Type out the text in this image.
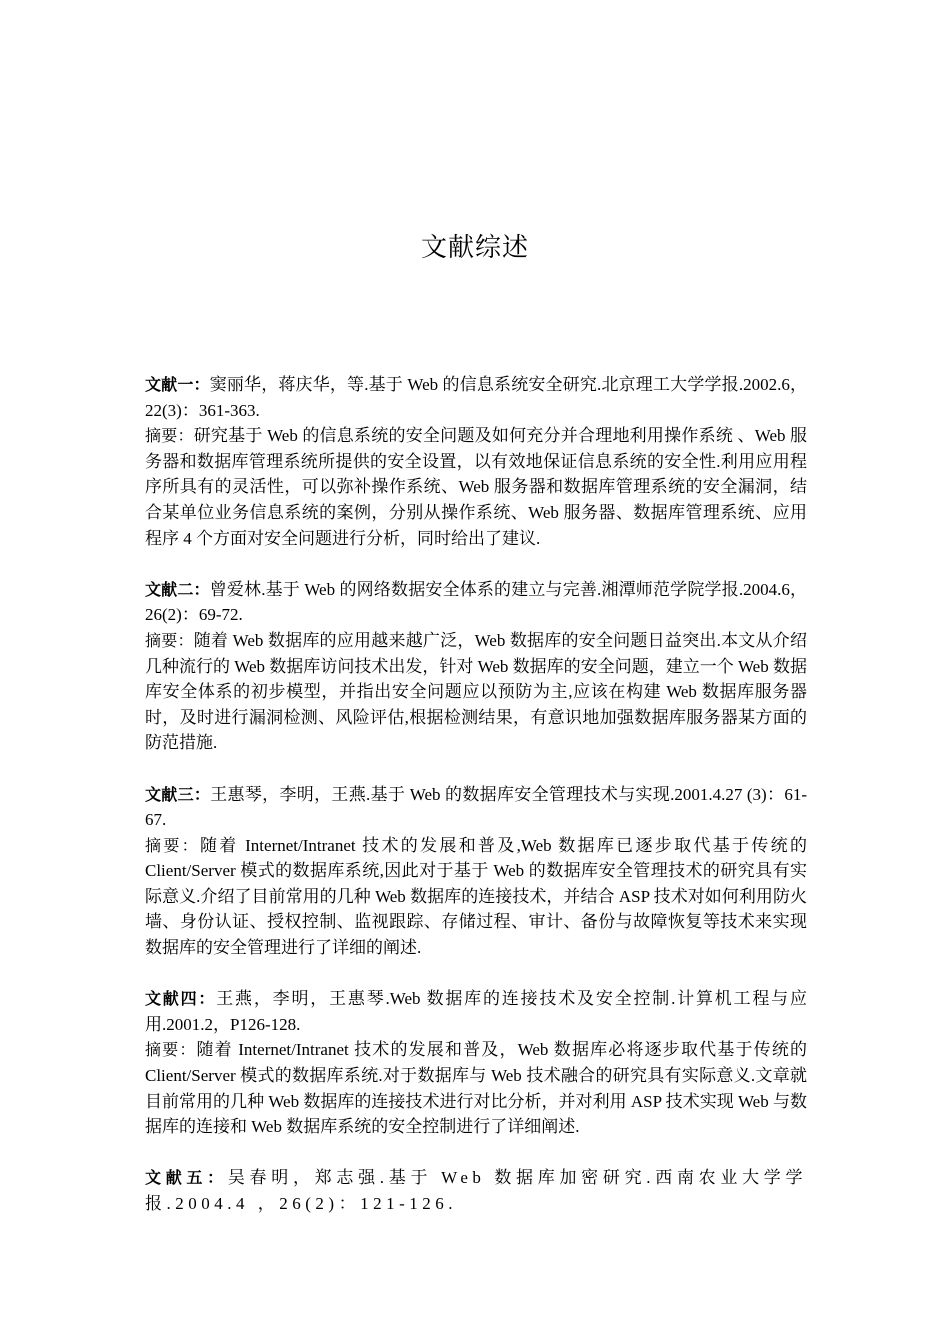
文献综述

文献一：窦丽华，蒋庆华，等.基于 Web 的信息系统安全研究.北京理工大学学报.2002.6，22(3)：361-363.

摘要：研究基于 Web 的信息系统的安全问题及如何充分并合理地利用操作系统 、Web 服务器和数据库管理系统所提供的安全设置，以有效地保证信息系统的安全性.利用应用程序所具有的灵活性，可以弥补操作系统、Web 服务器和数据库管理系统的安全漏洞，结合某单位业务信息系统的案例，分别从操作系统、Web 服务器、数据库管理系统、应用程序 4 个方面对安全问题进行分析，同时给出了建议.

文献二：曾爱林.基于 Web 的网络数据安全体系的建立与完善.湘潭师范学院学报.2004.6，26(2)：69-72.

摘要：随着 Web 数据库的应用越来越广泛，Web 数据库的安全问题日益突出.本文从介绍几种流行的 Web 数据库访问技术出发，针对 Web 数据库的安全问题，建立一个 Web 数据库安全体系的初步模型，并指出安全问题应以预防为主,应该在构建 Web 数据库服务器时，及时进行漏洞检测、风险评估,根据检测结果，有意识地加强数据库服务器某方面的防范措施.

文献三：王惠琴，李明，王燕.基于 Web 的数据库安全管理技术与实现.2001.4.27 (3)：61-67.

摘要：随着 Internet/Intranet 技术的发展和普及,Web 数据库已逐步取代基于传统的 Client/Server 模式的数据库系统,因此对于基于 Web 的数据库安全管理技术的研究具有实际意义.介绍了目前常用的几种 Web 数据库的连接技术，并结合 ASP 技术对如何利用防火墙、身份认证、授权控制、监视跟踪、存储过程、审计、备份与故障恢复等技术来实现数据库的安全管理进行了详细的阐述.

文献四：王燕，李明，王惠琴.Web 数据库的连接技术及安全控制.计算机工程与应用.2001.2，P126-128.

摘要：随着 Internet/Intranet 技术的发展和普及，Web 数据库必将逐步取代基于传统的 Client/Server 模式的数据库系统.对于数据库与 Web 技术融合的研究具有实际意义.文章就目前常用的几种 Web 数据库的连接技术进行对比分析，并对利用 ASP 技术实现 Web 与数据库的连接和 Web 数据库系统的安全控制进行了详细阐述.

文献五：吴春明，郑志强.基于 Web 数据库加密研究.西南农业大学学报.2004.4 ，26(2)：121-126.
